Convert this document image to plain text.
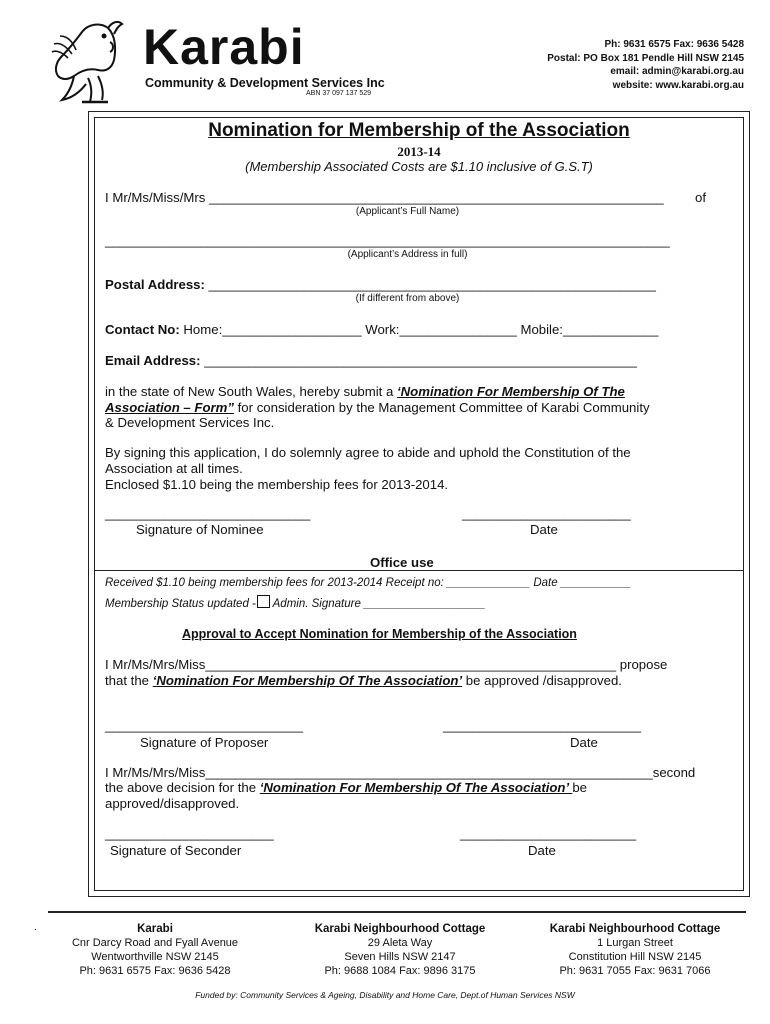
Karabi
Community & Development Services Inc
ABN 37 097 137 529
Ph: 9631 6575 Fax: 9636 5428
Postal: PO Box 181 Pendle Hill NSW 2145
email: admin@karabi.org.au
website: www.karabi.org.au
Nomination for Membership of the Association
2013-14
(Membership Associated Costs are $1.10 inclusive of G.S.T)
I Mr/Ms/Miss/Mrs ______________________________________________________________ of
(Applicant’s Full Name)
_____________________________________________________________________________
(Applicant’s Address in full)
Postal Address: _____________________________________________________________
(If different from above)
Contact No: Home:___________________ Work:________________ Mobile:_____________
Email Address: ___________________________________________________________
in the state of New South Wales, hereby submit a ‘Nomination For Membership Of The
Association – Form” for consideration by the Management Committee of Karabi Community
& Development Services Inc.
By signing this application, I do solemnly agree to abide and uphold the Constitution of the
Association at all times.
Enclosed $1.10 being the membership fees for 2013-2014.
____________________________	_______________________
Signature of Nominee	Date
Office use
Received $1.10 being membership fees for 2013-2014 Receipt no: _____________ Date ___________
Membership Status updated - Admin. Signature ___________________
Approval to Accept Nomination for Membership of the Association
I Mr/Ms/Mrs/Miss________________________________________________________ propose
that the ‘Nomination For Membership Of The Association’ be approved /disapproved.
___________________________	___________________________
Signature of Proposer	Date
I Mr/Ms/Mrs/Miss_____________________________________________________________second
the above decision for the ‘Nomination For Membership Of The Association’ be
approved/disapproved.
_______________________	________________________
Signature of Seconder	Date
.	Karabi
Cnr Darcy Road and Fyall Avenue
Wentworthville NSW 2145
Ph: 9631 6575 Fax: 9636 5428
Karabi Neighbourhood Cottage
29 Aleta Way
Seven Hills NSW 2147
Ph: 9688 1084 Fax: 9896 3175
Karabi Neighbourhood Cottage
1 Lurgan Street
Constitution Hill NSW 2145
Ph: 9631 7055 Fax: 9631 7066
Funded by: Community Services & Ageing, Disability and Home Care, Dept.of Human Services NSW
